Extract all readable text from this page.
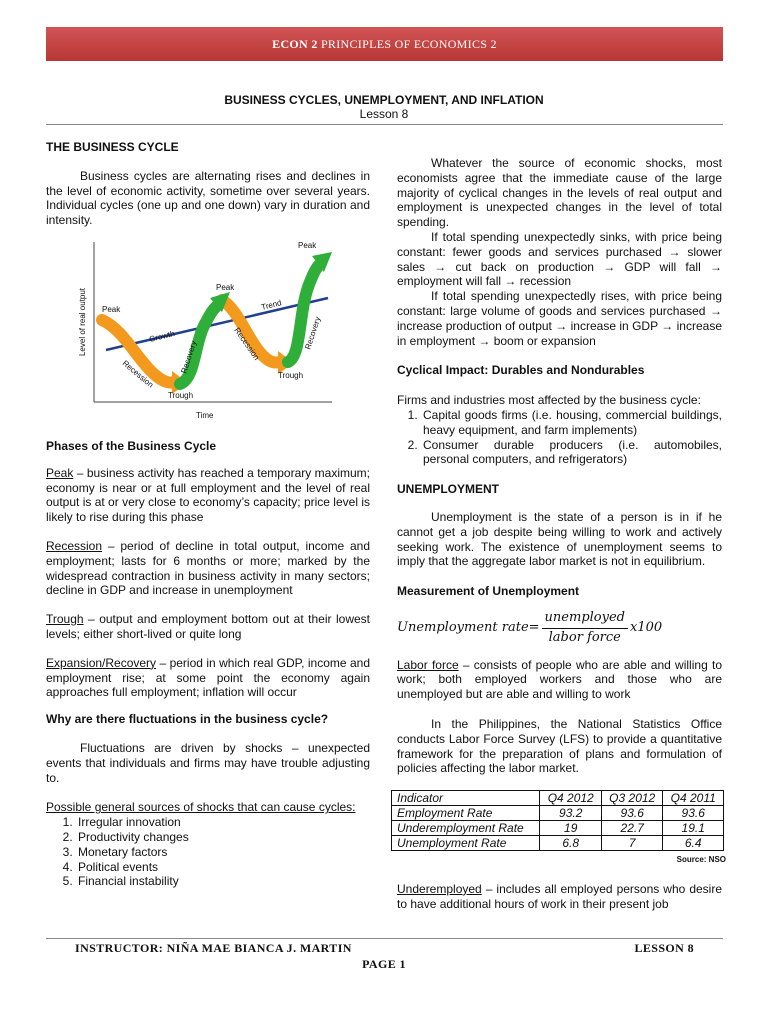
ECON 2 PRINCIPLES OF ECONOMICS 2
BUSINESS CYCLES, UNEMPLOYMENT, AND INFLATION
Lesson 8
THE BUSINESS CYCLE

Business cycles are alternating rises and declines in the level of economic activity, sometime over several years. Individual cycles (one up and one down) vary in duration and intensity.

Level of real output
Time
Peak
Peak
Peak
Growth
Trend
Recession
Recession
Trough
Trough
Recovery
Recovery
Phases of the Business Cycle

Peak – business activity has reached a temporary maximum; economy is near or at full employment and the level of real output is at or very close to economy’s capacity; price level is likely to rise during this phase

Recession – period of decline in total output, income and employment; lasts for 6 months or more; marked by the widespread contraction in business activity in many sectors; decline in GDP and increase in unemployment

Trough – output and employment bottom out at their lowest levels; either short-lived or quite long

Expansion/Recovery – period in which real GDP, income and employment rise; at some point the economy again approaches full employment; inflation will occur

Why are there fluctuations in the business cycle?

Fluctuations are driven by shocks – unexpected events that individuals and firms may have trouble adjusting to.

Possible general sources of shocks that can cause cycles:

1. Irregular innovation
2. Productivity changes
3. Monetary factors
4. Political events
5. Financial instability

Whatever the source of economic shocks, most economists agree that the immediate cause of the large majority of cyclical changes in the levels of real output and employment is unexpected changes in the level of total spending.

If total spending unexpectedly sinks, with price being constant: fewer goods and services purchased → slower sales → cut back on production → GDP will fall → employment will fall → recession

If total spending unexpectedly rises, with price being constant: large volume of goods and services purchased → increase production of output → increase in GDP → increase in employment → boom or expansion

Cyclical Impact: Durables and Nondurables

Firms and industries most affected by the business cycle:

1. Capital goods firms (i.e. housing, commercial buildings, heavy equipment, and farm implements)
2. Consumer durable producers (i.e. automobiles, personal computers, and refrigerators)
UNEMPLOYMENT

Unemployment is the state of a person is in if he cannot get a job despite being willing to work and actively seeking work. The existence of unemployment seems to imply that the aggregate labor market is not in equilibrium.

Measurement of Unemployment
Unemployment rate = $\frac{\text{unemployed}}{\text{labor force}} x100$

Labor force – consists of people who are able and willing to work; both employed workers and those who are unemployed but are able and willing to work

In the Philippines, the National Statistics Office conducts Labor Force Survey (LFS) to provide a quantitative framework for the preparation of plans and formulation of policies affecting the labor market.

Indicator	Q4 2012	Q3 2012	Q4 2011
Employment Rate	93.2	93.6	93.6
Underemployment Rate	19	22.7	19.1
Unemployment Rate	6.8	7	6.4
Source: NSO

Underemployed – includes all employed persons who desire to have additional hours of work in their present job

INSTRUCTOR: NIÑA MAE BIANCA J. MARTIN	LESSON 8
PAGE 1
